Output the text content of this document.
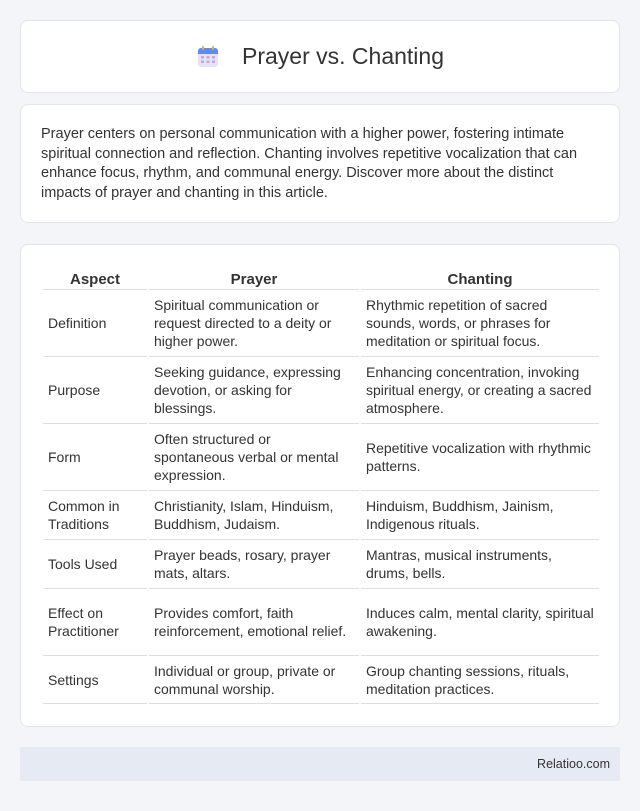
Prayer vs. Chanting

Prayer centers on personal communication with a higher power, fostering intimate spiritual connection and reflection. Chanting involves repetitive vocalization that can enhance focus, rhythm, and communal energy. Discover more about the distinct impacts of prayer and chanting in this article.

Aspect	Prayer	Chanting
Definition	Spiritual communication or request directed to a deity or higher power.	Rhythmic repetition of sacred sounds, words, or phrases for meditation or spiritual focus.
Purpose	Seeking guidance, expressing devotion, or asking for blessings.	Enhancing concentration, invoking spiritual energy, or creating a sacred atmosphere.
Form	Often structured or spontaneous verbal or mental expression.	Repetitive vocalization with rhythmic patterns.
Common in Traditions	Christianity, Islam, Hinduism, Buddhism, Judaism.	Hinduism, Buddhism, Jainism, Indigenous rituals.
Tools Used	Prayer beads, rosary, prayer mats, altars.	Mantras, musical instruments, drums, bells.
Effect on Practitioner	Provides comfort, faith reinforcement, emotional relief.	Induces calm, mental clarity, spiritual awakening.
Settings	Individual or group, private or communal worship.	Group chanting sessions, rituals, meditation practices.
Relatioo.com
